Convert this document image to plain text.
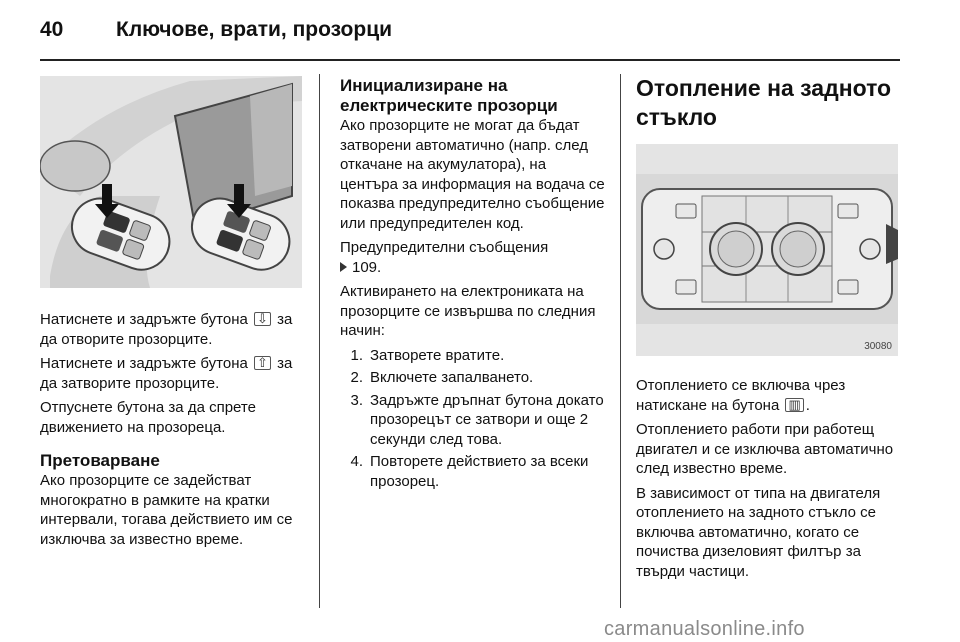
40	Ключове, врати, прозорци

Натиснете и задръжте бутона ⇩ за да отворите прозорците.

Натиснете и задръжте бутона ⇧ за да затворите прозорците.

Отпуснете бутона за да спрете движението на прозореца.

Претоварване

Ако прозорците се задействат многократно в рамките на кратки интервали, тогава действието им се изключва за известно време.

Инициализиране на електрическите прозорци

Ако прозорците не могат да бъдат затворени автоматично (напр. след откачане на акумулатора), на центъра за информация на водача се показва предупредително съобщение или предупредителен код.

Предупредителни съобщения
109.

Активирането на електрониката на прозорците се извършва по следния начин:

1. Затворете вратите.
2. Включете запалването.
3. Задръжте дръпнат бутона докато прозорецът се затвори и още 2 секунди след това.
4. Повторете действието за всеки прозорец.
Отопление на задното стъкло
30080

Отоплението се включва чрез натискане на бутона ▥ .

Отоплението работи при работещ двигател и се изключва автоматично след известно време.

В зависимост от типа на двигателя отоплението на задното стъкло се включва автоматично, когато се почиства дизеловият филтър за твърди частици.

carmanualsonline.info
